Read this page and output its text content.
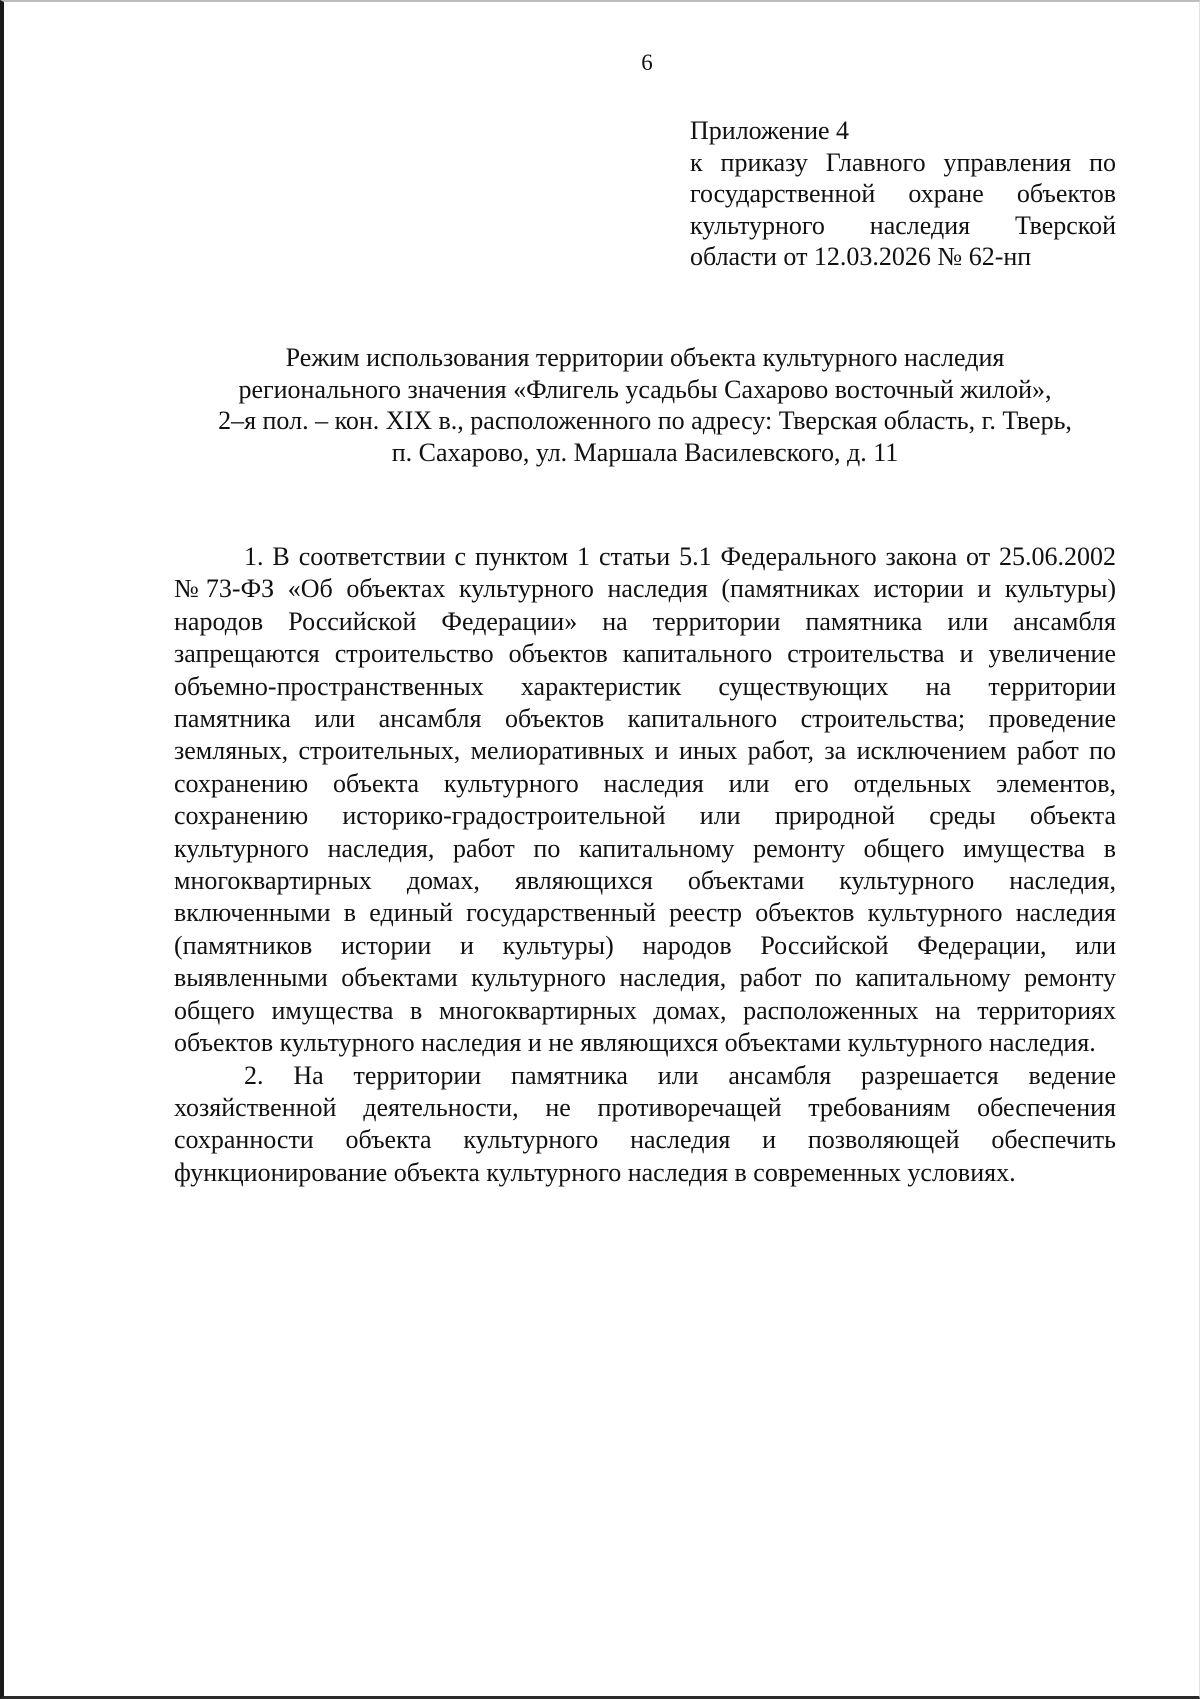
6
Приложение 4
к приказу Главного управления по государственной охране объектов культурного наследия Тверской области от 12.03.2026 № 62-нп
Режим использования территории объекта культурного наследия
регионального значения «Флигель усадьбы Сахарово восточный жилой»,
2–я пол. – кон. XIX в., расположенного по адресу: Тверская область, г. Тверь,
п. Сахарово, ул. Маршала Василевского, д. 11

1. В соответствии с пунктом 1 статьи 5.1 Федерального закона от 25.06.2002 №73-ФЗ «Об объектах культурного наследия (памятниках истории и культуры) народов Российской Федерации» на территории памятника или ансамбля запрещаются строительство объектов капитального строительства и увеличение объемно-пространственных характеристик существующих на территории памятника или ансамбля объектов капитального строительства; проведение земляных, строительных, мелиоративных и иных работ, за исключением работ по сохранению объекта культурного наследия или его отдельных элементов, сохранению историко-градостроительной или природной среды объекта культурного наследия, работ по капитальному ремонту общего имущества в многоквартирных домах, являющихся объектами культурного наследия, включенными в единый государственный реестр объектов культурного наследия (памятников истории и культуры) народов Российской Федерации, или выявленными объектами культурного наследия, работ по капитальному ремонту общего имущества в многоквартирных домах, расположенных на территориях объектов культурного наследия и не являющихся объектами культурного наследия.

2. На территории памятника или ансамбля разрешается ведение хозяйственной деятельности, не противоречащей требованиям обеспечения сохранности объекта культурного наследия и позволяющей обеспечить функционирование объекта культурного наследия в современных условиях.
